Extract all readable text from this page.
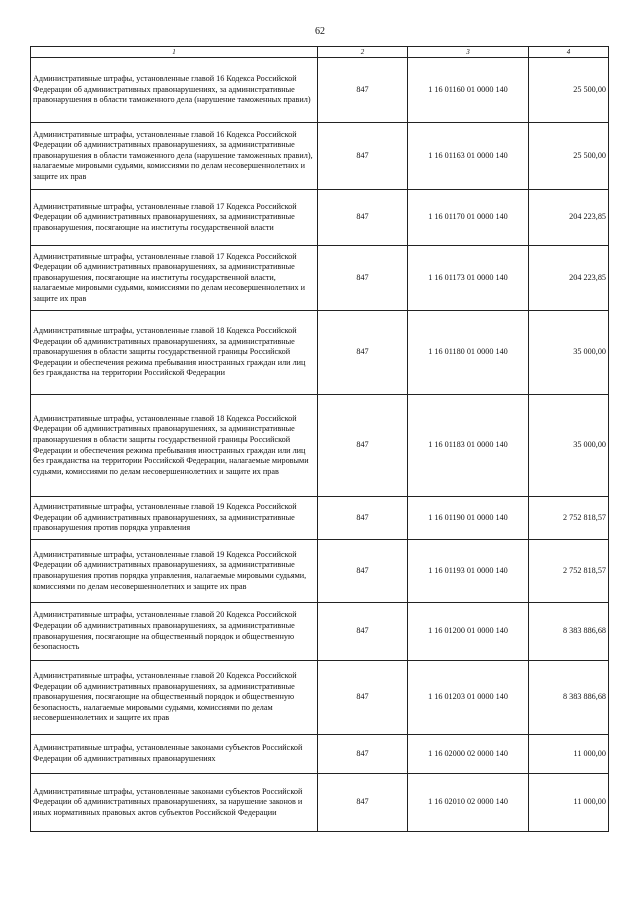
62
1	2	3	4
Административные штрафы, установленные главой 16 Кодекса Российской Федерации об административных правонарушениях, за административные правонарушения в области таможенного дела (нарушение таможенных правил)	847	1 16 01160 01 0000 140	25 500,00
Административные штрафы, установленные главой 16 Кодекса Российской Федерации об административных правонарушениях, за административные правонарушения в области таможенного дела (нарушение таможенных правил), налагаемые мировыми судьями, комиссиями по делам несовершеннолетних и защите их прав	847	1 16 01163 01 0000 140	25 500,00
Административные штрафы, установленные главой 17 Кодекса Российской Федерации об административных правонарушениях, за административные правонарушения, посягающие на институты государственной власти	847	1 16 01170 01 0000 140	204 223,85
Административные штрафы, установленные главой 17 Кодекса Российской Федерации об административных правонарушениях, за административные правонарушения, посягающие на институты государственной власти, налагаемые мировыми судьями, комиссиями по делам несовершеннолетних и защите их прав	847	1 16 01173 01 0000 140	204 223,85
Административные штрафы, установленные главой 18 Кодекса Российской Федерации об административных правонарушениях, за административные правонарушения в области защиты государственной границы Российской Федерации и обеспечения режима пребывания иностранных граждан или лиц без гражданства на территории Российской Федерации	847	1 16 01180 01 0000 140	35 000,00
Административные штрафы, установленные главой 18 Кодекса Российской Федерации об административных правонарушениях, за административные правонарушения в области защиты государственной границы Российской Федерации и обеспечения режима пребывания иностранных граждан или лиц без гражданства на территории Российской Федерации, налагаемые мировыми судьями, комиссиями по делам несовершеннолетних и защите их прав	847	1 16 01183 01 0000 140	35 000,00
Административные штрафы, установленные главой 19 Кодекса Российской Федерации об административных правонарушениях, за административные правонарушения против порядка управления	847	1 16 01190 01 0000 140	2 752 818,57
Административные штрафы, установленные главой 19 Кодекса Российской Федерации об административных правонарушениях, за административные правонарушения против порядка управления, налагаемые мировыми судьями, комиссиями по делам несовершеннолетних и защите их прав	847	1 16 01193 01 0000 140	2 752 818,57
Административные штрафы, установленные главой 20 Кодекса Российской Федерации об административных правонарушениях, за административные правонарушения, посягающие на общественный порядок и общественную безопасность	847	1 16 01200 01 0000 140	8 383 886,68
Административные штрафы, установленные главой 20 Кодекса Российской Федерации об административных правонарушениях, за административные правонарушения, посягающие на общественный порядок и общественную безопасность, налагаемые мировыми судьями, комиссиями по делам несовершеннолетних и защите их прав	847	1 16 01203 01 0000 140	8 383 886,68
Административные штрафы, установленные законами субъектов Российской Федерации об административных правонарушениях	847	1 16 02000 02 0000 140	11 000,00
Административные штрафы, установленные законами субъектов Российской Федерации об административных правонарушениях, за нарушение законов и иных нормативных правовых актов субъектов Российской Федерации	847	1 16 02010 02 0000 140	11 000,00
